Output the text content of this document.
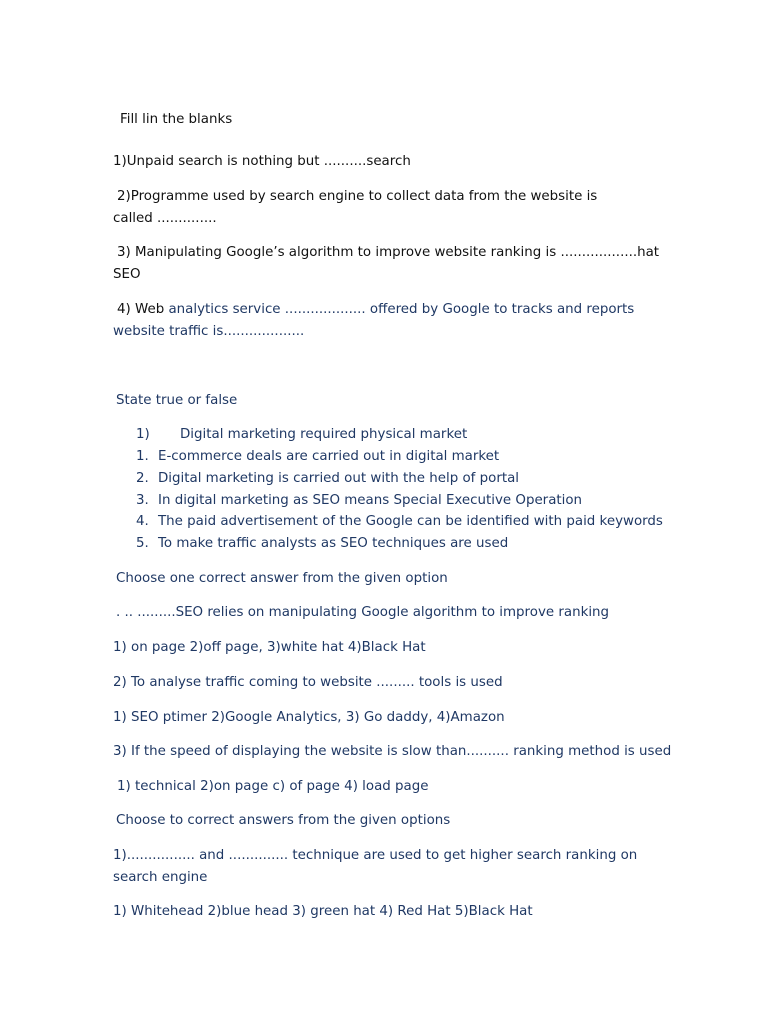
Fill lin the blanks
1)Unpaid search is nothing but ..........search
2)Programme used by search engine to collect data from the website is
called ..............
3) Manipulating Google’s algorithm to improve website ranking is ..................hat
SEO
4) Web analytics service ................... offered by Google to tracks and reports
website traffic is...................
State true or false
1) Digital marketing required physical market
1. E-commerce deals are carried out in digital market
2. Digital marketing is carried out with the help of portal
3. In digital marketing as SEO means Special Executive Operation
4. The paid advertisement of the Google can be identified with paid keywords
5. To make traffic analysts as SEO techniques are used
Choose one correct answer from the given option
. .. .........SEO relies on manipulating Google algorithm to improve ranking
1) on page 2)off page, 3)white hat 4)Black Hat
2) To analyse traffic coming to website ......... tools is used
1) SEO ptimer 2)Google Analytics, 3) Go daddy, 4)Amazon
3) If the speed of displaying the website is slow than.......... ranking method is used
1) technical 2)on page c) of page 4) load page
Choose to correct answers from the given options
1)................ and .............. technique are used to get higher search ranking on
search engine
1) Whitehead 2)blue head 3) green hat 4) Red Hat 5)Black Hat
